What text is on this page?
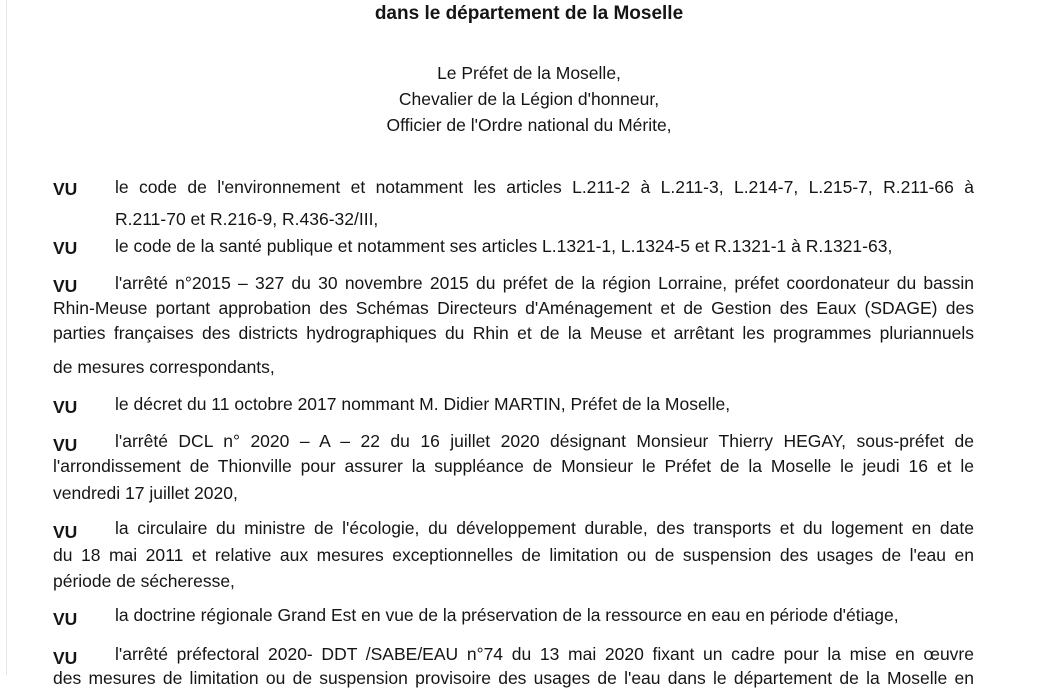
dans le département de la Moselle
Le Préfet de la Moselle,
Chevalier de la Légion d'honneur,
Officier de l'Ordre national du Mérite,
VU le code de l'environnement et notamment les articles L.211-2 à L.211-3, L.214-7, L.215-7, R.211-66 à
R.211-70 et R.216-9, R.436-32/III,
VU le code de la santé publique et notamment ses articles L.1321-1, L.1324-5 et R.1321-1 à R.1321-63,
VU l'arrêté n°2015 – 327 du 30 novembre 2015 du préfet de la région Lorraine, préfet coordonateur du bassin
Rhin-Meuse portant approbation des Schémas Directeurs d'Aménagement et de Gestion des Eaux (SDAGE) des
parties françaises des districts hydrographiques du Rhin et de la Meuse et arrêtant les programmes pluriannuels
de mesures correspondants,
VU le décret du 11 octobre 2017 nommant M. Didier MARTIN, Préfet de la Moselle,
VU l'arrêté DCL n° 2020 – A – 22 du 16 juillet 2020 désignant Monsieur Thierry HEGAY, sous-préfet de
l'arrondissement de Thionville pour assurer la suppléance de Monsieur le Préfet de la Moselle le jeudi 16 et le
vendredi 17 juillet 2020,
VU la circulaire du ministre de l'écologie, du développement durable, des transports et du logement en date
du 18 mai 2011 et relative aux mesures exceptionnelles de limitation ou de suspension des usages de l'eau en
période de sécheresse,
VU la doctrine régionale Grand Est en vue de la préservation de la ressource en eau en période d'étiage,
VU l'arrêté préfectoral 2020- DDT /SABE/EAU n°74 du 13 mai 2020 fixant un cadre pour la mise en œuvre
des mesures de limitation ou de suspension provisoire des usages de l'eau dans le département de la Moselle en
